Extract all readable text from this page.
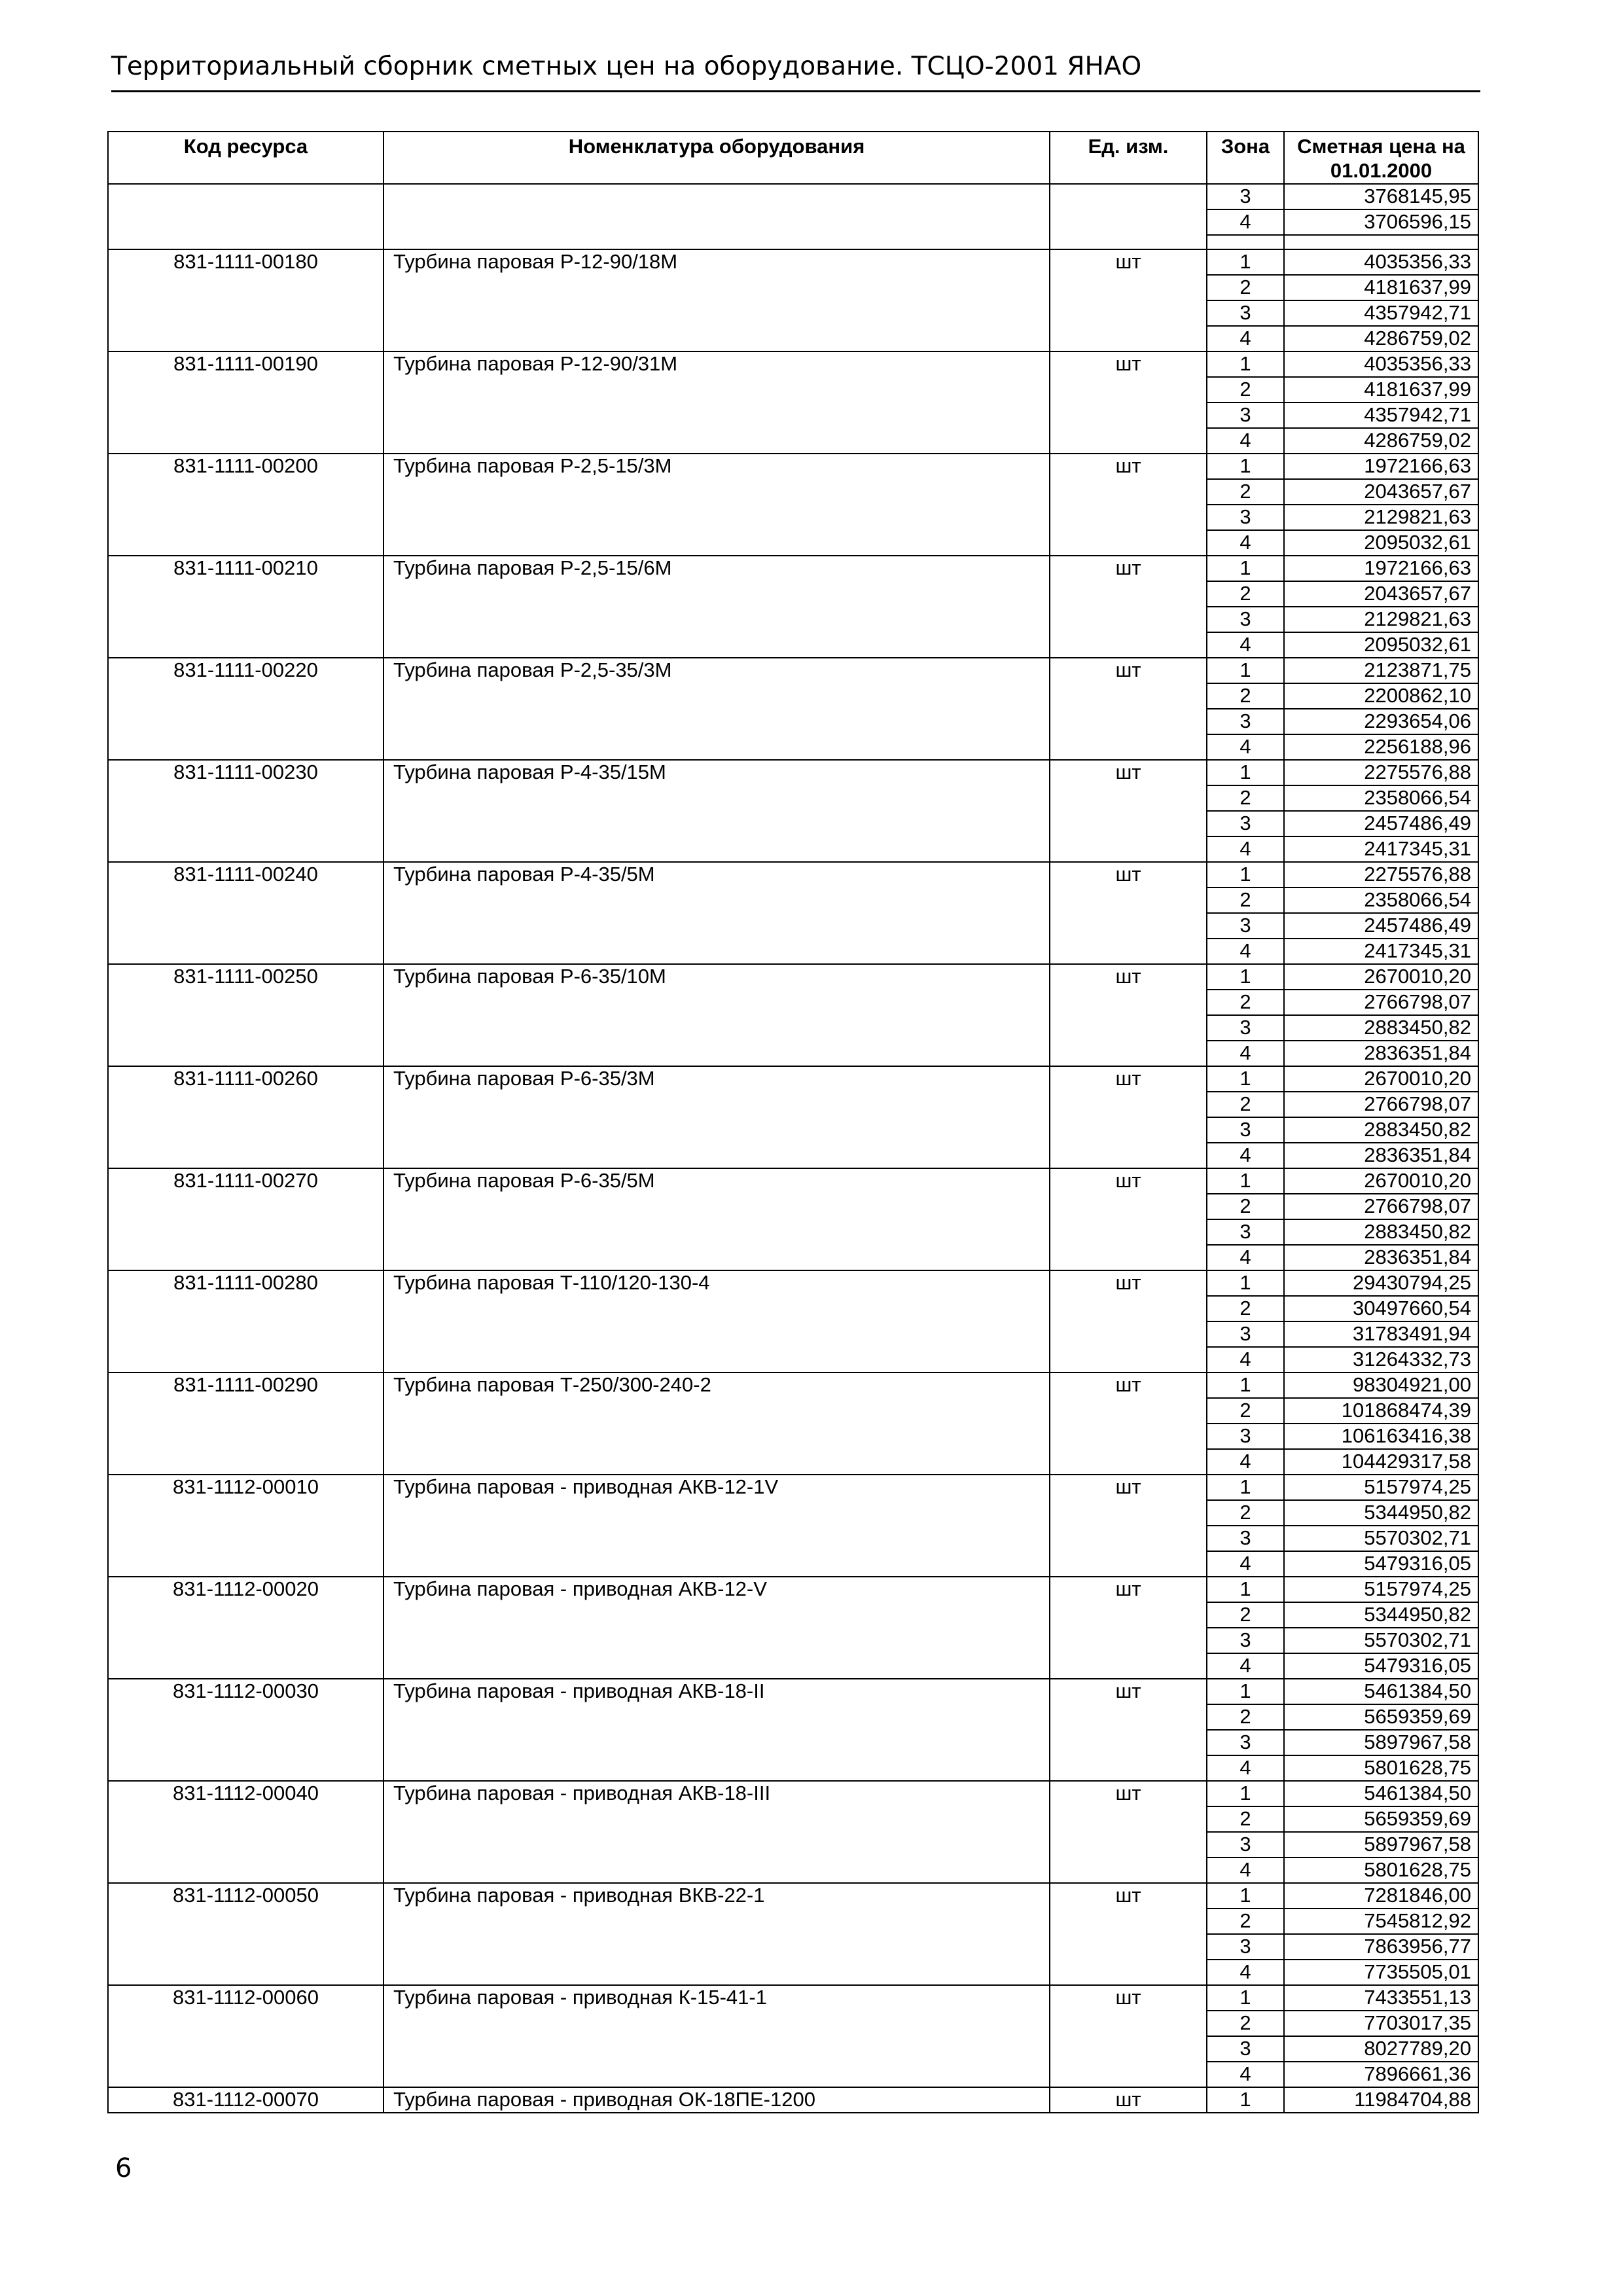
Территориальный сборник сметных цен на оборудование. ТСЦО-2001 ЯНАО
Код ресурса	Номенклатура оборудования	Ед. изм.	Зона	Сметная цена на 01.01.2000
			3	3768145,95
			4	3706596,15

831-1111-00180	Турбина паровая Р-12-90/18М	шт	1	4035356,33
			2	4181637,99
			3	4357942,71
			4	4286759,02
831-1111-00190	Турбина паровая Р-12-90/31М	шт	1	4035356,33
			2	4181637,99
			3	4357942,71
			4	4286759,02
831-1111-00200	Турбина паровая Р-2,5-15/3М	шт	1	1972166,63
			2	2043657,67
			3	2129821,63
			4	2095032,61
831-1111-00210	Турбина паровая Р-2,5-15/6М	шт	1	1972166,63
			2	2043657,67
			3	2129821,63
			4	2095032,61
831-1111-00220	Турбина паровая Р-2,5-35/3М	шт	1	2123871,75
			2	2200862,10
			3	2293654,06
			4	2256188,96
831-1111-00230	Турбина паровая Р-4-35/15М	шт	1	2275576,88
			2	2358066,54
			3	2457486,49
			4	2417345,31
831-1111-00240	Турбина паровая Р-4-35/5М	шт	1	2275576,88
			2	2358066,54
			3	2457486,49
			4	2417345,31
831-1111-00250	Турбина паровая Р-6-35/10М	шт	1	2670010,20
			2	2766798,07
			3	2883450,82
			4	2836351,84
831-1111-00260	Турбина паровая Р-6-35/3М	шт	1	2670010,20
			2	2766798,07
			3	2883450,82
			4	2836351,84
831-1111-00270	Турбина паровая Р-6-35/5М	шт	1	2670010,20
			2	2766798,07
			3	2883450,82
			4	2836351,84
831-1111-00280	Турбина паровая Т-110/120-130-4	шт	1	29430794,25
			2	30497660,54
			3	31783491,94
			4	31264332,73
831-1111-00290	Турбина паровая Т-250/300-240-2	шт	1	98304921,00
			2	101868474,39
			3	106163416,38
			4	104429317,58
831-1112-00010	Турбина паровая - приводная АКВ-12-1V	шт	1	5157974,25
			2	5344950,82
			3	5570302,71
			4	5479316,05
831-1112-00020	Турбина паровая - приводная АКВ-12-V	шт	1	5157974,25
			2	5344950,82
			3	5570302,71
			4	5479316,05
831-1112-00030	Турбина паровая - приводная АКВ-18-II	шт	1	5461384,50
			2	5659359,69
			3	5897967,58
			4	5801628,75
831-1112-00040	Турбина паровая - приводная АКВ-18-III	шт	1	5461384,50
			2	5659359,69
			3	5897967,58
			4	5801628,75
831-1112-00050	Турбина паровая - приводная ВКВ-22-1	шт	1	7281846,00
			2	7545812,92
			3	7863956,77
			4	7735505,01
831-1112-00060	Турбина паровая - приводная К-15-41-1	шт	1	7433551,13
			2	7703017,35
			3	8027789,20
			4	7896661,36
831-1112-00070	Турбина паровая - приводная ОК-18ПЕ-1200	шт	1	11984704,88
6
